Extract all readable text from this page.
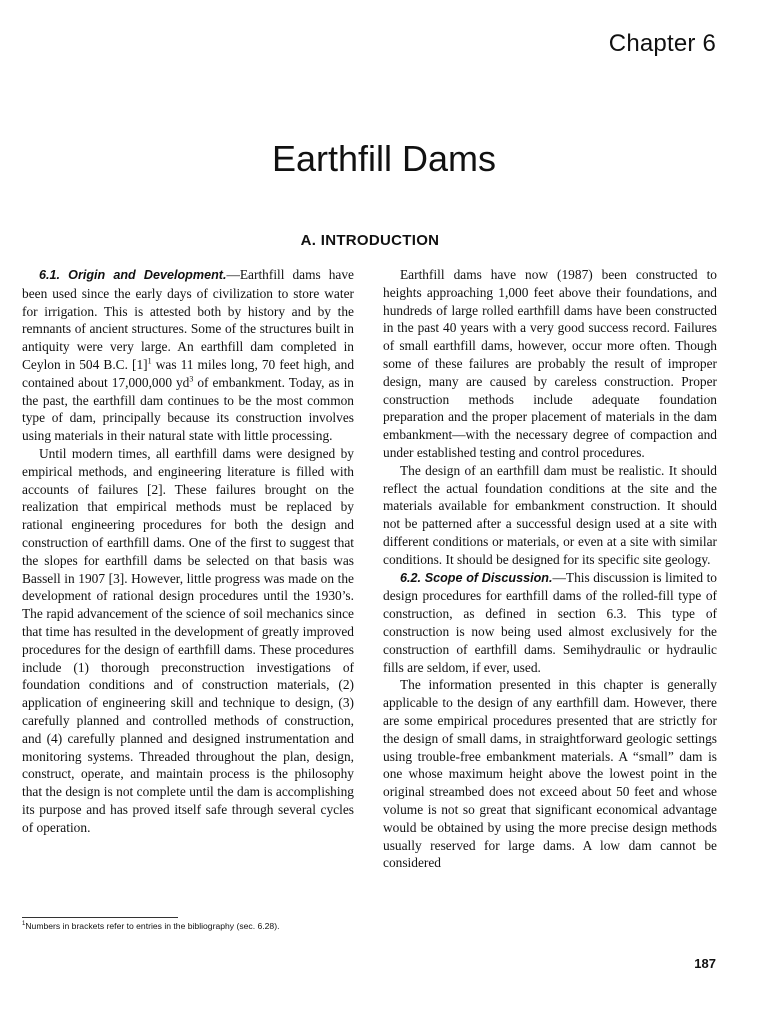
Chapter 6
Earthfill Dams
A. INTRODUCTION

6.1. Origin and Development.—Earthfill dams have been used since the early days of civilization to store water for irrigation. This is attested both by history and by the remnants of ancient structures. Some of the structures built in antiquity were very large. An earthfill dam completed in Ceylon in 504 B.C. $[1]^1$ was 11 miles long, 70 feet high, and contained about 17,000,000 $yd^3$ of embankment. Today, as in the past, the earthfill dam continues to be the most common type of dam, principally because its construction involves using materials in their natural state with little processing.

Until modern times, all earthfill dams were designed by empirical methods, and engineering literature is filled with accounts of failures [2]. These failures brought on the realization that empirical methods must be replaced by rational engineering procedures for both the design and construction of earthfill dams. One of the first to suggest that the slopes for earthfill dams be selected on that basis was Bassell in 1907 [3]. However, little progress was made on the development of rational design procedures until the 1930’s. The rapid advancement of the science of soil mechanics since that time has resulted in the development of greatly improved procedures for the design of earthfill dams. These procedures include (1) thorough preconstruction investigations of foundation conditions and of construction materials, (2) application of engineering skill and technique to design, (3) carefully planned and controlled methods of construction, and (4) carefully planned and designed instrumentation and monitoring systems. Threaded throughout the plan, design, construct, operate, and maintain process is the philosophy that the design is not complete until the dam is accomplishing its purpose and has proved itself safe through several cycles of operation.

Earthfill dams have now (1987) been constructed to heights approaching 1,000 feet above their foundations, and hundreds of large rolled earthfill dams have been constructed in the past 40 years with a very good success record. Failures of small earthfill dams, however, occur more often. Though some of these failures are probably the result of improper design, many are caused by careless construction. Proper construction methods include adequate foundation preparation and the proper placement of materials in the dam embankment—with the necessary degree of compaction and under established testing and control procedures.

The design of an earthfill dam must be realistic. It should reflect the actual foundation conditions at the site and the materials available for embankment construction. It should not be patterned after a successful design used at a site with different conditions or materials, or even at a site with similar conditions. It should be designed for its specific site geology.

6.2. Scope of Discussion.—This discussion is limited to design procedures for earthfill dams of the rolled-fill type of construction, as defined in section 6.3. This type of construction is now being used almost exclusively for the construction of earthfill dams. Semihydraulic or hydraulic fills are seldom, if ever, used.

The information presented in this chapter is generally applicable to the design of any earthfill dam. However, there are some empirical procedures presented that are strictly for the design of small dams, in straightforward geologic settings using trouble-free embankment materials. A “small” dam is one whose maximum height above the lowest point in the original streambed does not exceed about 50 feet and whose volume is not so great that significant economical advantage would be obtained by using the more precise design methods usually reserved for large dams. A low dam cannot be considered

$^1$Numbers in brackets refer to entries in the bibliography (sec. 6.28).
187
